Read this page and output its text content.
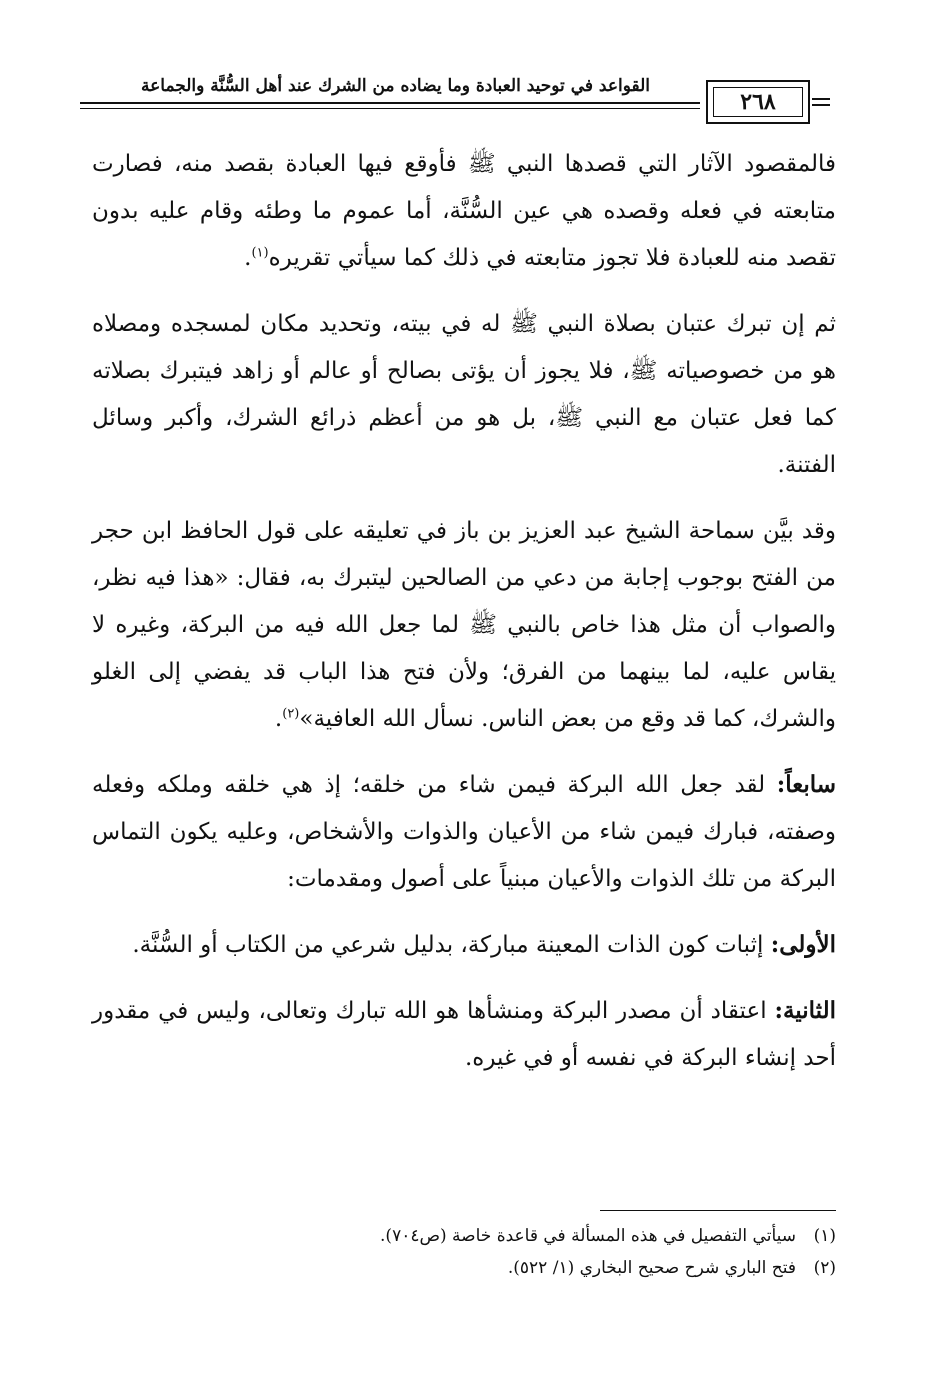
القواعد في توحيد العبادة وما يضاده من الشرك عند أهل السُّنَّة والجماعة
٢٦٨

فالمقصود الآثار التي قصدها النبي ﷺ فأوقع فيها العبادة بقصد منه، فصارت متابعته في فعله وقصده هي عين السُّنَّة، أما عموم ما وطئه وقام عليه بدون تقصد منه للعبادة فلا تجوز متابعته في ذلك كما سيأتي تقريره$^{(١)}$.

ثم إن تبرك عتبان بصلاة النبي ﷺ له في بيته، وتحديد مكان لمسجده ومصلاه هو من خصوصياته ﷺ، فلا يجوز أن يؤتى بصالح أو عالم أو زاهد فيتبرك بصلاته كما فعل عتبان مع النبي ﷺ، بل هو من أعظم ذرائع الشرك، وأكبر وسائل الفتنة.

وقد بيَّن سماحة الشيخ عبد العزيز بن باز في تعليقه على قول الحافظ ابن حجر من الفتح بوجوب إجابة من دعي من الصالحين ليتبرك به، فقال: «هذا فيه نظر، والصواب أن مثل هذا خاص بالنبي ﷺ لما جعل الله فيه من البركة، وغيره لا يقاس عليه، لما بينهما من الفرق؛ ولأن فتح هذا الباب قد يفضي إلى الغلو والشرك، كما قد وقع من بعض الناس. نسأل الله العافية»$^{(٢)}$.

سابعاً: لقد جعل الله البركة فيمن شاء من خلقه؛ إذ هي خلقه وملكه وفعله وصفته، فبارك فيمن شاء من الأعيان والذوات والأشخاص، وعليه يكون التماس البركة من تلك الذوات والأعيان مبنياً على أصول ومقدمات:

الأولى: إثبات كون الذات المعينة مباركة، بدليل شرعي من الكتاب أو السُّنَّة.

الثانية: اعتقاد أن مصدر البركة ومنشأها هو الله تبارك وتعالى، وليس في مقدور أحد إنشاء البركة في نفسه أو في غيره.

(١)سيأتي التفصيل في هذه المسألة في قاعدة خاصة (ص٧٠٤).
(٢)فتح الباري شرح صحيح البخاري (١/ ٥٢٢).
